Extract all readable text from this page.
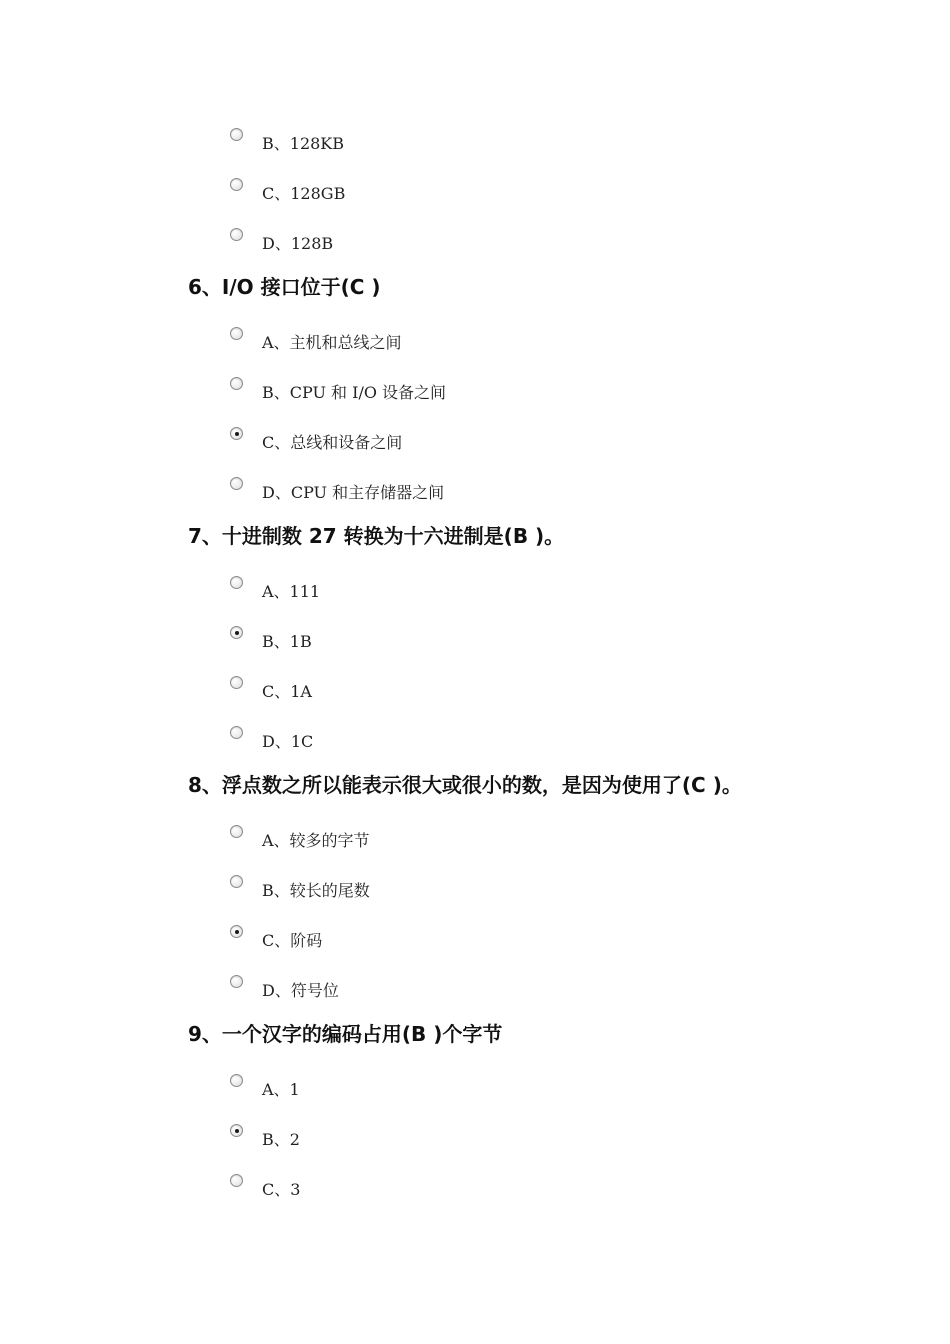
B、128KB
C、128GB
D、128B
6、I/O 接口位于(C )
A、主机和总线之间
B、CPU 和 I/O 设备之间
C、总线和设备之间
D、CPU 和主存储器之间
7、十进制数 27 转换为十六进制是(B )。
A、111
B、1B
C、1A
D、1C
8、浮点数之所以能表示很大或很小的数，是因为使用了(C )。
A、较多的字节
B、较长的尾数
C、阶码
D、符号位
9、一个汉字的编码占用(B )个字节
A、1
B、2
C、3
